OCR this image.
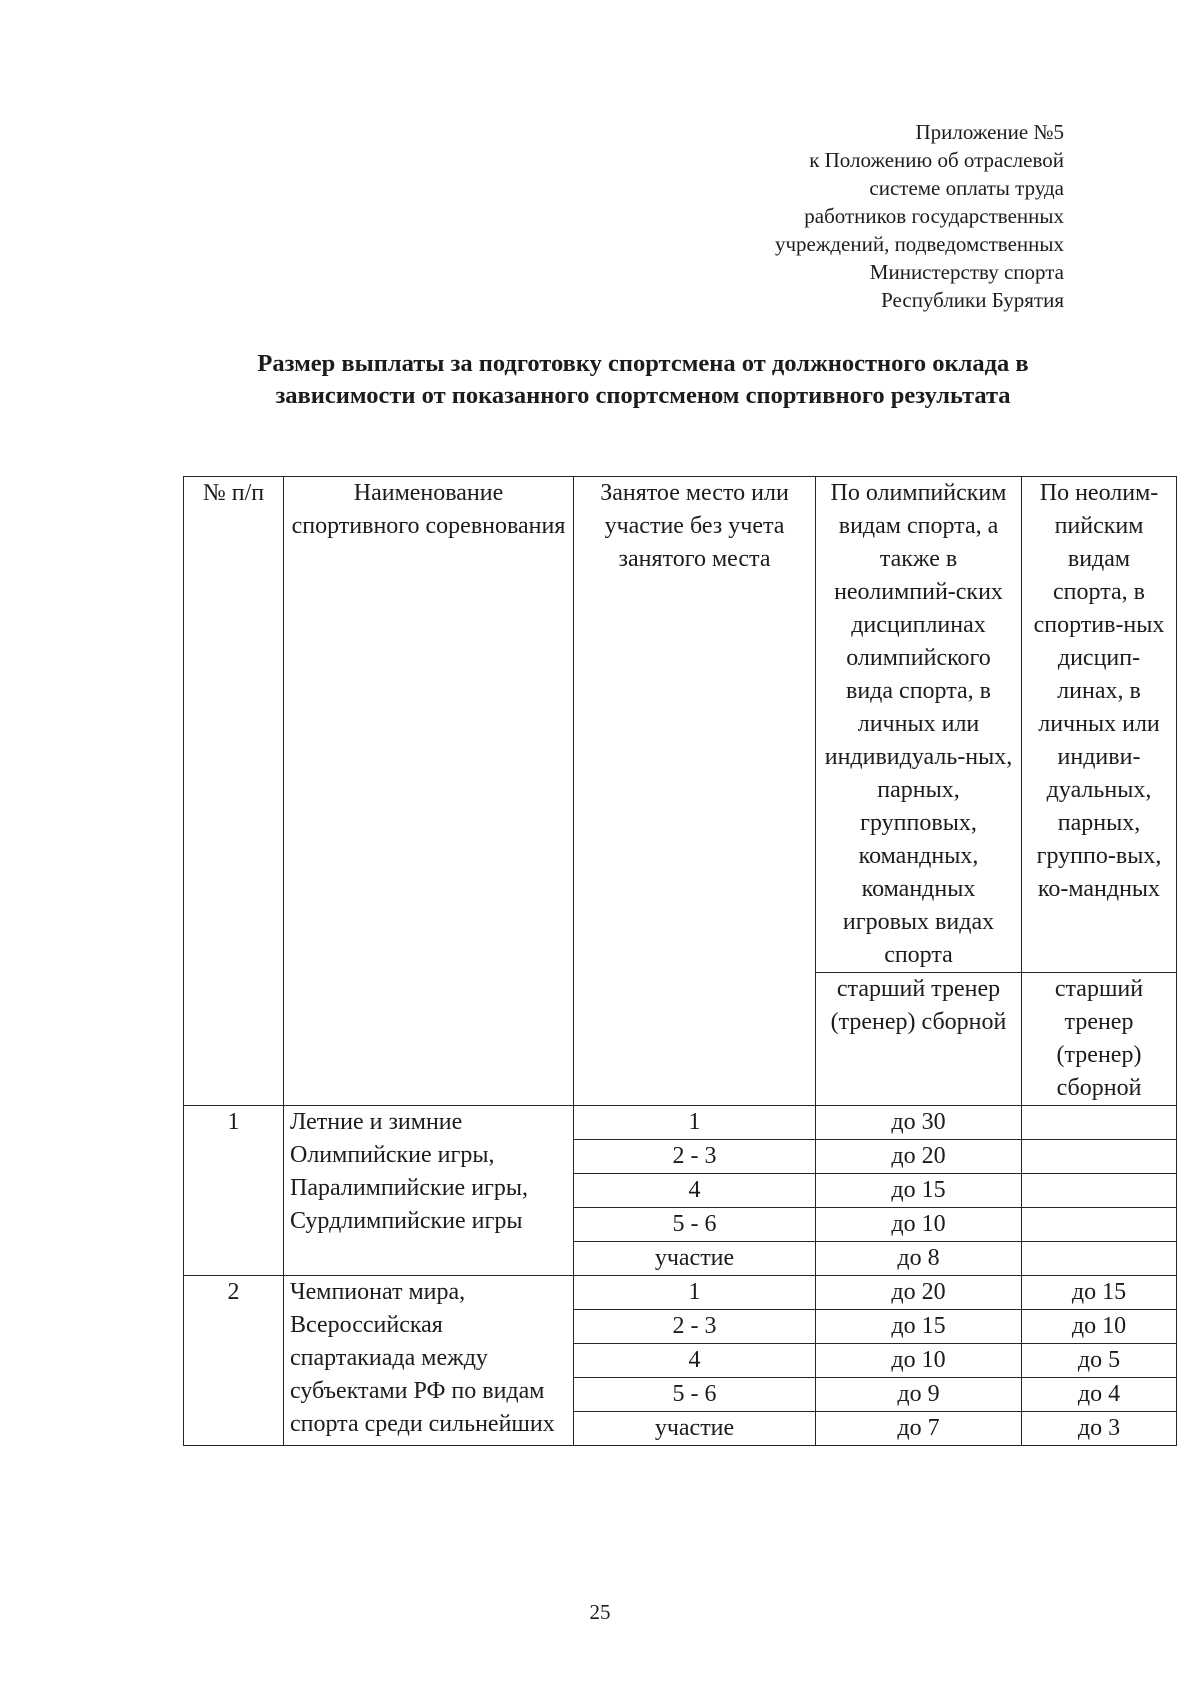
Приложение №5
к Положению об отраслевой
системе оплаты труда
работников государственных
учреждений, подведомственных
Министерству спорта
Республики Бурятия
Размер выплаты за подготовку спортсмена от должностного оклада в
зависимости от показанного спортсменом спортивного результата
№ п/п	Наименование спортивного соревнования	Занятое место или участие без учета занятого места	По олимпийским видам спорта, а также в неолимпий-ских дисциплинах олимпийского вида спорта, в личных или индивидуаль-ных, парных, групповых, командных, командных игровых видах спорта	По неолим-пийским видам спорта, в спортив-ных дисцип-линах, в личных или индиви-дуальных, парных, группо-вых, ко-мандных
			старший тренер (тренер) сборной	старший тренер (тренер) сборной
1	Летние и зимние Олимпийские игры, Паралимпийские игры, Сурдлимпийские игры	1	до 30	
		2 - 3	до 20	
		4	до 15	
		5 - 6	до 10	
		участие	до 8	
2	Чемпионат мира, Всероссийская спартакиада между субъектами РФ по видам спорта среди сильнейших	1	до 20	до 15
		2 - 3	до 15	до 10
		4	до 10	до 5
		5 - 6	до 9	до 4
		участие	до 7	до 3
25
